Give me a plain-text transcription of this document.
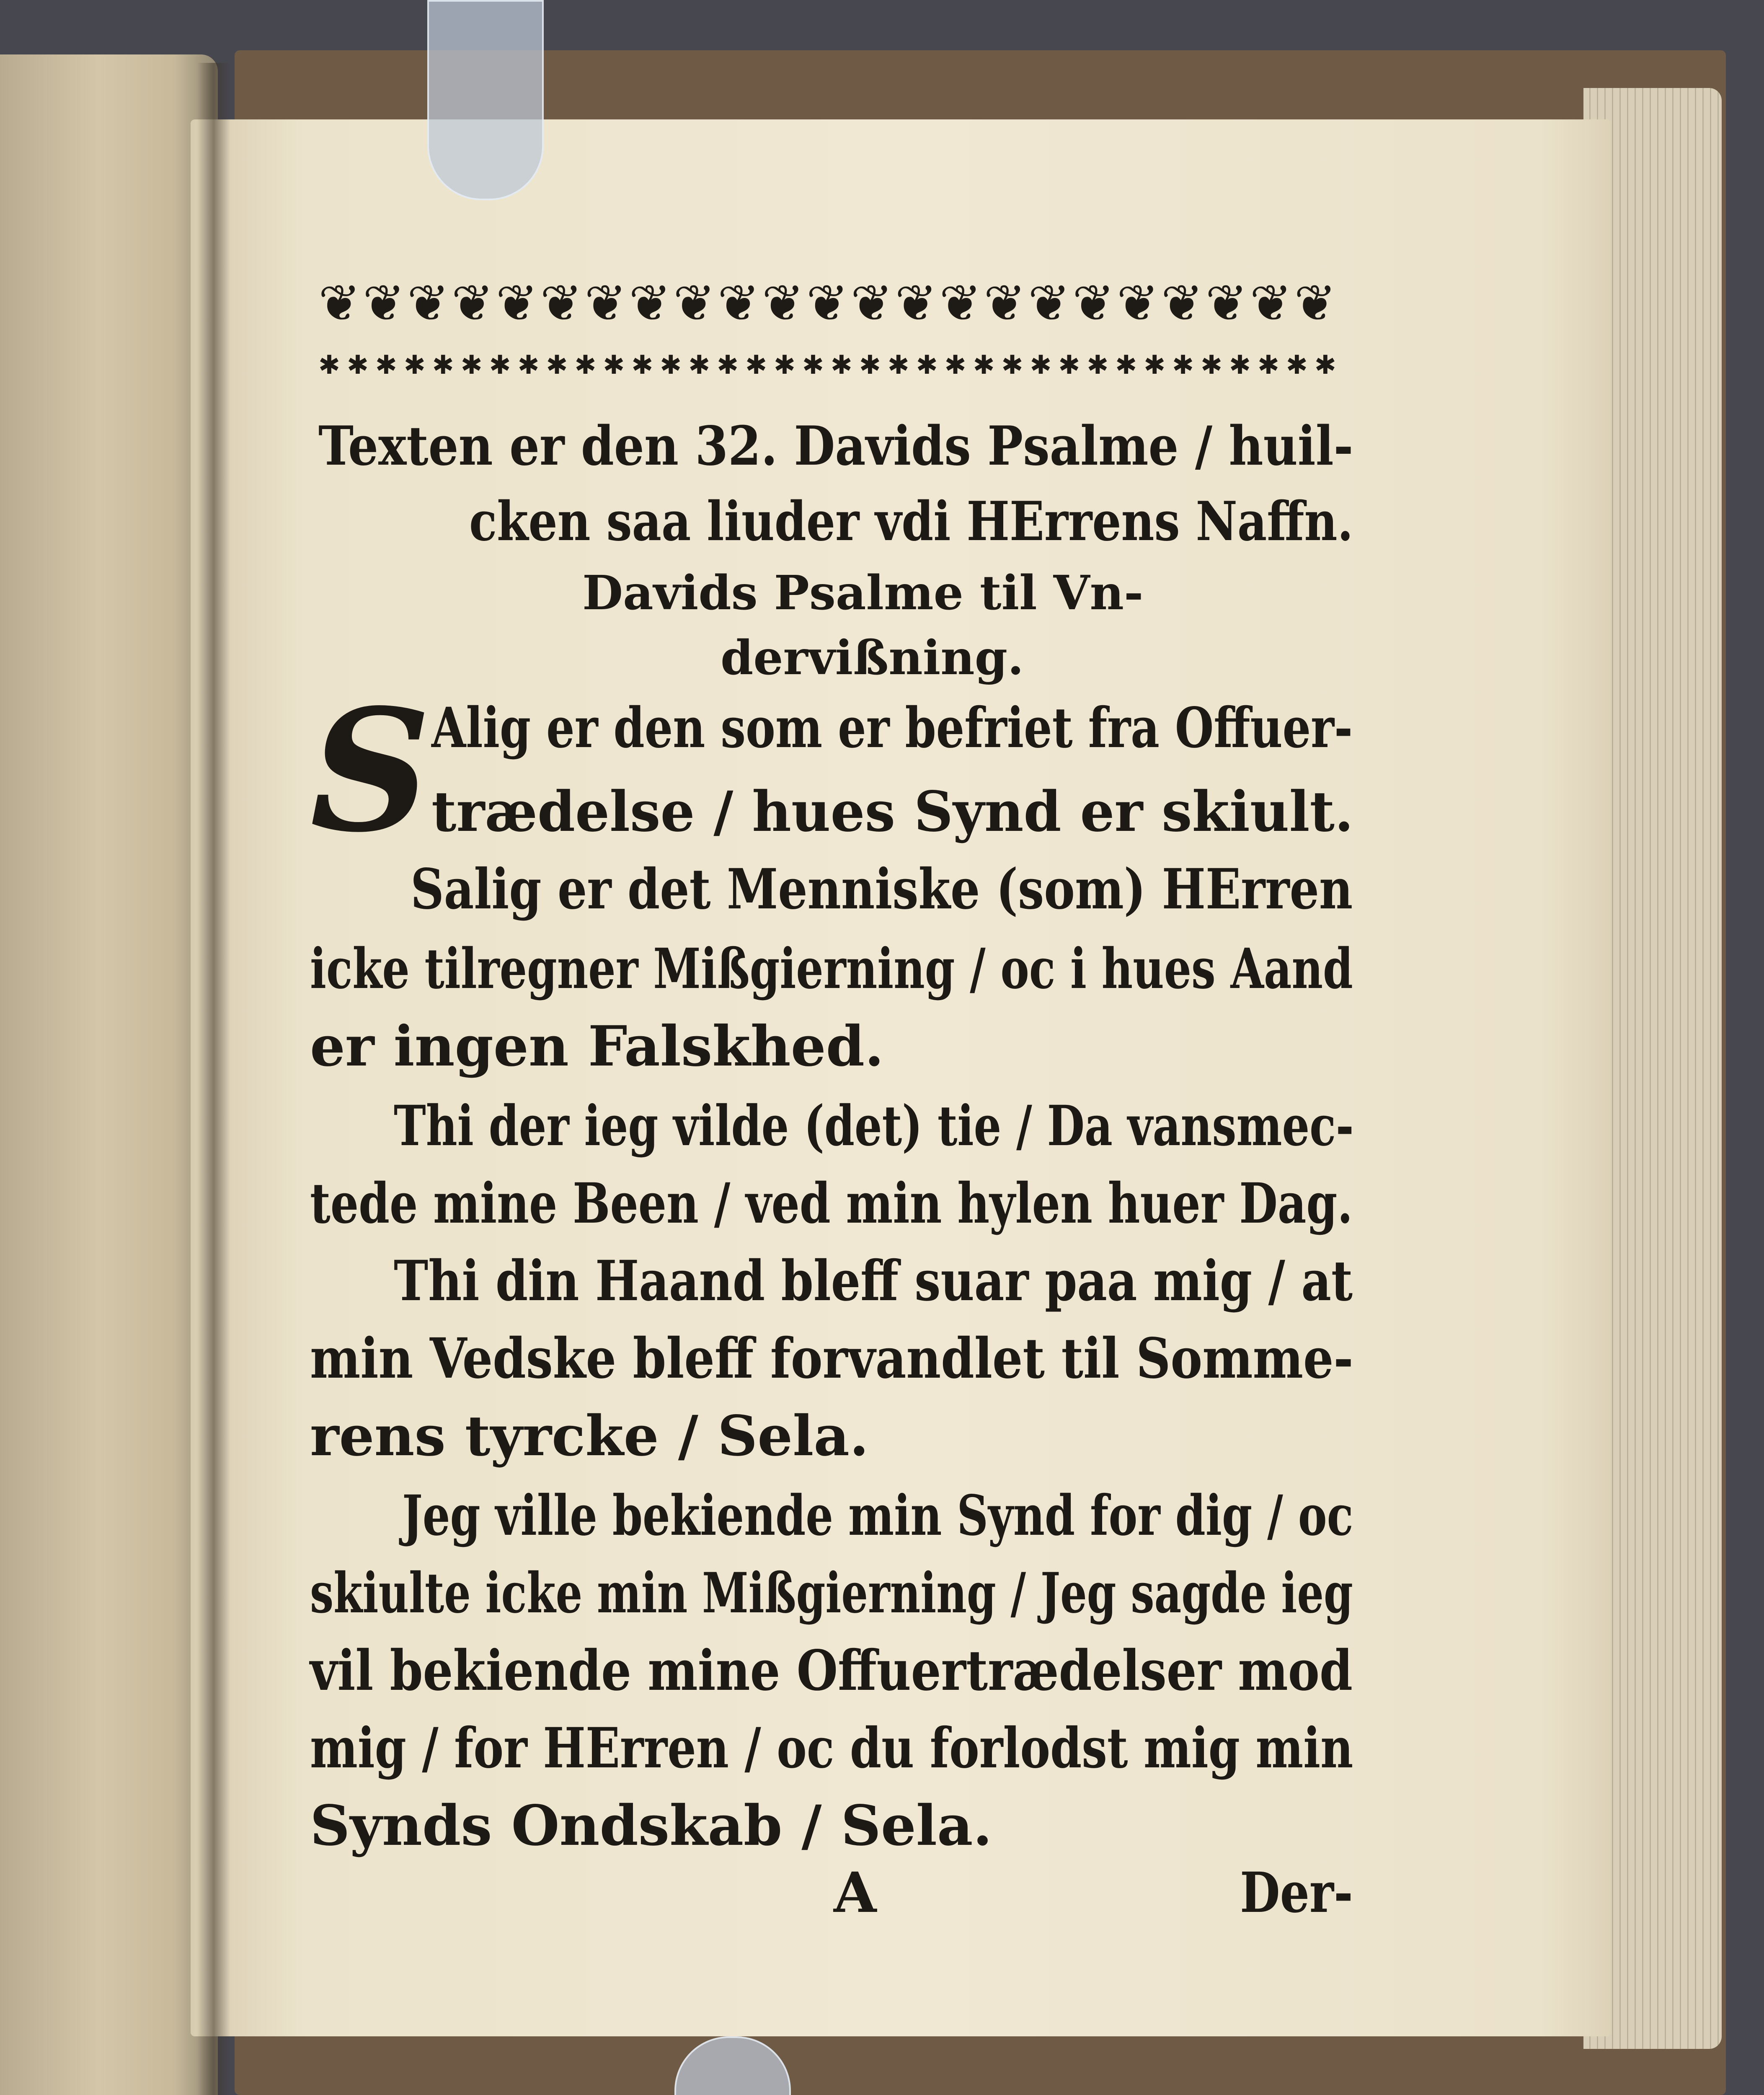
❦ ❦ ❦ ❦ ❦ ❦ ❦ ❦ ❦ ❦ ❦ ❦ ❦ ❦ ❦ ❦ ❦ ❦ ❦ ❦ ❦ ❦ ❦
✱ ✱ ✱ ✱ ✱ ✱ ✱ ✱ ✱ ✱ ✱ ✱ ✱ ✱ ✱ ✱ ✱ ✱ ✱ ✱ ✱ ✱ ✱ ✱ ✱ ✱ ✱ ✱ ✱ ✱ ✱ ✱ ✱ ✱ ✱ ✱
Texten er den 32. Davids Psalme / huil-
cken saa liuder vdi HErrens Naffn.
Davids Psalme til Vn-
dervißning.
S Alig er den som er befriet fra Offuer-
trædelse / hues Synd er skiult.
Salig er det Menniske (som) HErren
icke tilregner Mißgierning / oc i hues Aand
er ingen Falskhed.
Thi der ieg vilde (det) tie / Da vansmec-
tede mine Been / ved min hylen huer Dag.
Thi din Haand bleff suar paa mig / at
min Vedske bleff forvandlet til Somme-
rens tyrcke / Sela.
Jeg ville bekiende min Synd for dig / oc
skiulte icke min Mißgierning / Jeg sagde ieg
vil bekiende mine Offuertrædelser mod
mig / for HErren / oc du forlodst mig min
Synds Ondskab / Sela.
A	Der-
